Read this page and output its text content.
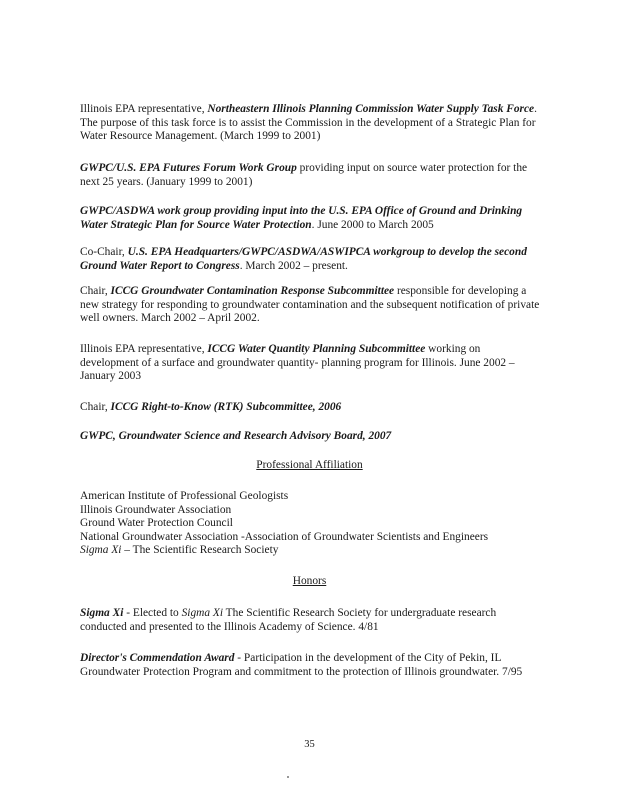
Illinois EPA representative, Northeastern Illinois Planning Commission Water Supply Task Force. The purpose of this task force is to assist the Commission in the development of a Strategic Plan for Water Resource Management. (March 1999 to 2001)

GWPC/U.S. EPA Futures Forum Work Group providing input on source water protection for the next 25 years. (January 1999 to 2001)

GWPC/ASDWA work group providing input into the U.S. EPA Office of Ground and Drinking Water Strategic Plan for Source Water Protection. June 2000 to March 2005

Co-Chair, U.S. EPA Headquarters/GWPC/ASDWA/ASWIPCA workgroup to develop the second Ground Water Report to Congress. March 2002 – present.

Chair, ICCG Groundwater Contamination Response Subcommittee responsible for developing a new strategy for responding to groundwater contamination and the subsequent notification of private well owners. March 2002 – April 2002.

Illinois EPA representative, ICCG Water Quantity Planning Subcommittee working on development of a surface and groundwater quantity- planning program for Illinois. June 2002 – January 2003

Chair, ICCG Right-to-Know (RTK) Subcommittee, 2006

GWPC, Groundwater Science and Research Advisory Board, 2007

Professional Affiliation

American Institute of Professional Geologists
Illinois Groundwater Association
Ground Water Protection Council
National Groundwater Association -Association of Groundwater Scientists and Engineers
Sigma Xi – The Scientific Research Society

Honors

Sigma Xi - Elected to Sigma Xi The Scientific Research Society for undergraduate research conducted and presented to the Illinois Academy of Science. 4/81

Director's Commendation Award - Participation in the development of the City of Pekin, IL Groundwater Protection Program and commitment to the protection of Illinois groundwater. 7/95

35
